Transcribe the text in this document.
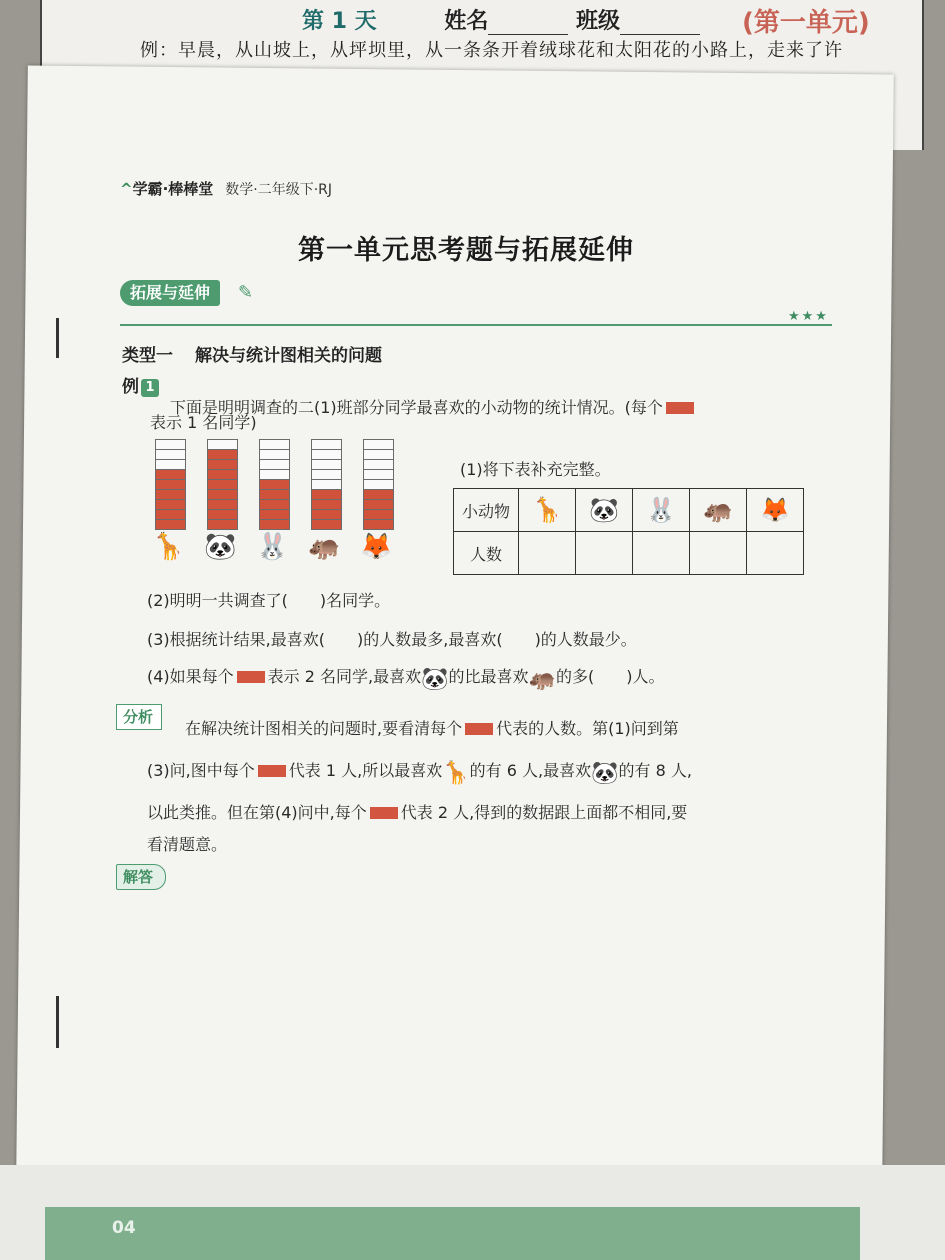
第 1 天	姓名	班级	(第一单元)
例：早晨，从山坡上，从坪坝里，从一条条开着绒球花和太阳花的小路上，走来了许
04
^学霸·棒棒堂 数学·二年级下·RJ
第一单元思考题与拓展延伸
拓展与延伸	✎
★★★
类型一 解决与统计图相关的问题
例 1
下面是明明调查的二(1)班部分同学最喜欢的小动物的统计情况。(每个
表示 1 名同学)
🦒 🐼 🐰 🦛 🦊
(1)将下表补充完整。
小动物	🦒	🐼	🐰	🦛	🦊
人数					
(2)明明一共调查了(　　)名同学。
(3)根据统计结果,最喜欢(　　)的人数最多,最喜欢(　　)的人数最少。
(4)如果每个 表示 2 名同学,最喜欢🐼的比最喜欢🦛的多(　　)人。
分析
在解决统计图相关的问题时,要看清每个 代表的人数。第(1)问到第
(3)问,图中每个 代表 1 人,所以最喜欢🦒的有 6 人,最喜欢🐼的有 8 人,
以此类推。但在第(4)问中,每个 代表 2 人,得到的数据跟上面都不相同,要
看清题意。
解答
